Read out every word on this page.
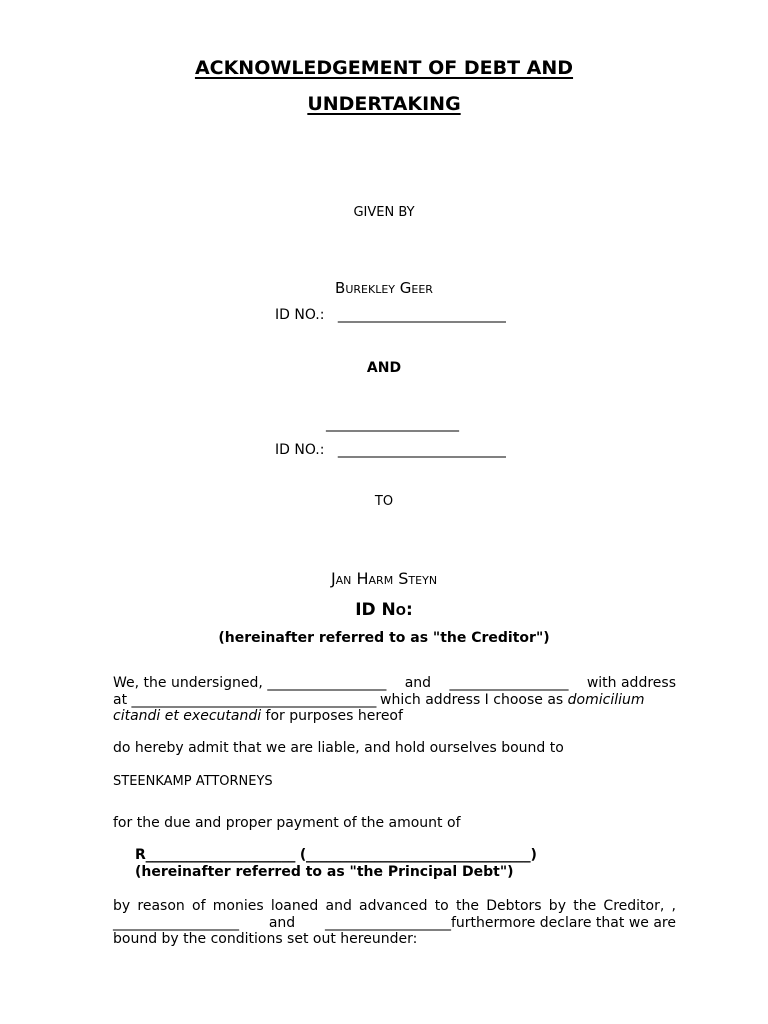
ACKNOWLEDGEMENT OF DEBT AND
UNDERTAKING
GIVEN BY
Burekley Geer
ID NO.: ________________________
AND
___________________
ID NO.: ________________________
TO
Jan Harm Steyn
ID No:
(hereinafter referred to as "the Creditor")
We, the undersigned, _________________ and _________________ with address
at ________________________________________ which address I choose as domicilium
citandi et executandi for purposes hereof
do hereby admit that we are liable, and hold ourselves bound to
STEENKAMP ATTORNEYS
for the due and proper payment of the amount of
R______________________ (_________________________________)
(hereinafter referred to as "the Principal Debt")
by reason of monies loaned and advanced to the Debtors by the Creditor, ,
__________________ and __________________furthermore declare that we are
bound by the conditions set out hereunder:
